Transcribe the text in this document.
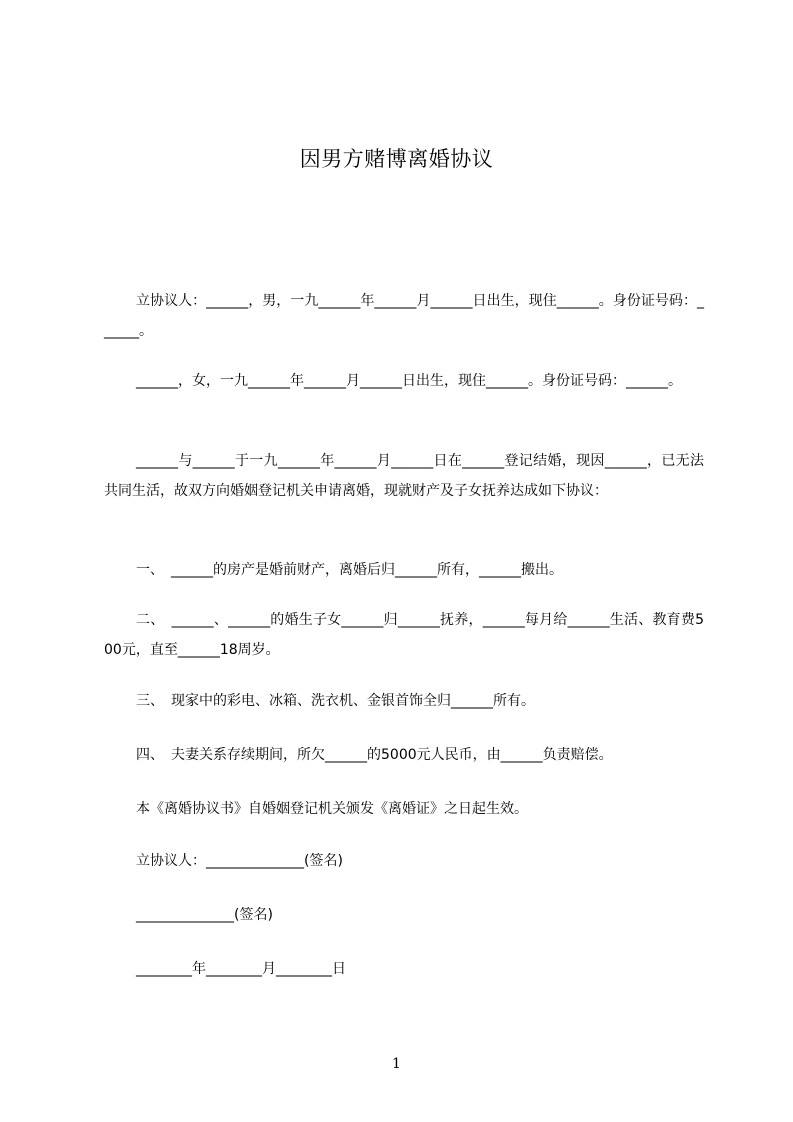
因男方赌博离婚协议
立协议人：______，男，一九______年______月______日出生，现住______。身份证号码：______。
______，女，一九______年______月______日出生，现住______。身份证号码：______。
______与______于一九______年______月______日在______登记结婚，现因______，已无法共同生活，故双方向婚姻登记机关申请离婚，现就财产及子女抚养达成如下协议：
一、　______的房产是婚前财产，离婚后归______所有，______搬出。
二、　______、______的婚生子女______归______抚养，______每月给______生活、教育费500元，直至______18周岁。
三、　现家中的彩电、冰箱、洗衣机、金银首饰全归______所有。
四、　夫妻关系存续期间，所欠______的5000元人民币，由______负责赔偿。
本《离婚协议书》自婚姻登记机关颁发《离婚证》之日起生效。
立协议人：______________(签名)
______________(签名)
________年________月________日
1
